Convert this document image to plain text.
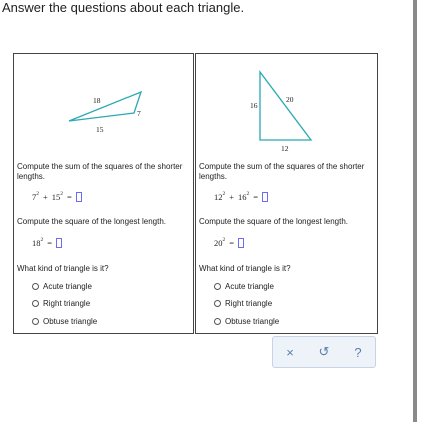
Answer the questions about each triangle.
18
7
15
Compute the sum of the squares of the shorter lengths.
$7^2 + 15^2$ =
Compute the square of the longest length.
$18^2$ =
What kind of triangle is it?
Acute triangle
Right triangle
Obtuse triangle
16
20
12
Compute the sum of the squares of the shorter lengths.
$12^2 + 16^2$ =
Compute the square of the longest length.
$20^2$ =
What kind of triangle is it?
Acute triangle
Right triangle
Obtuse triangle
×	↺	?
